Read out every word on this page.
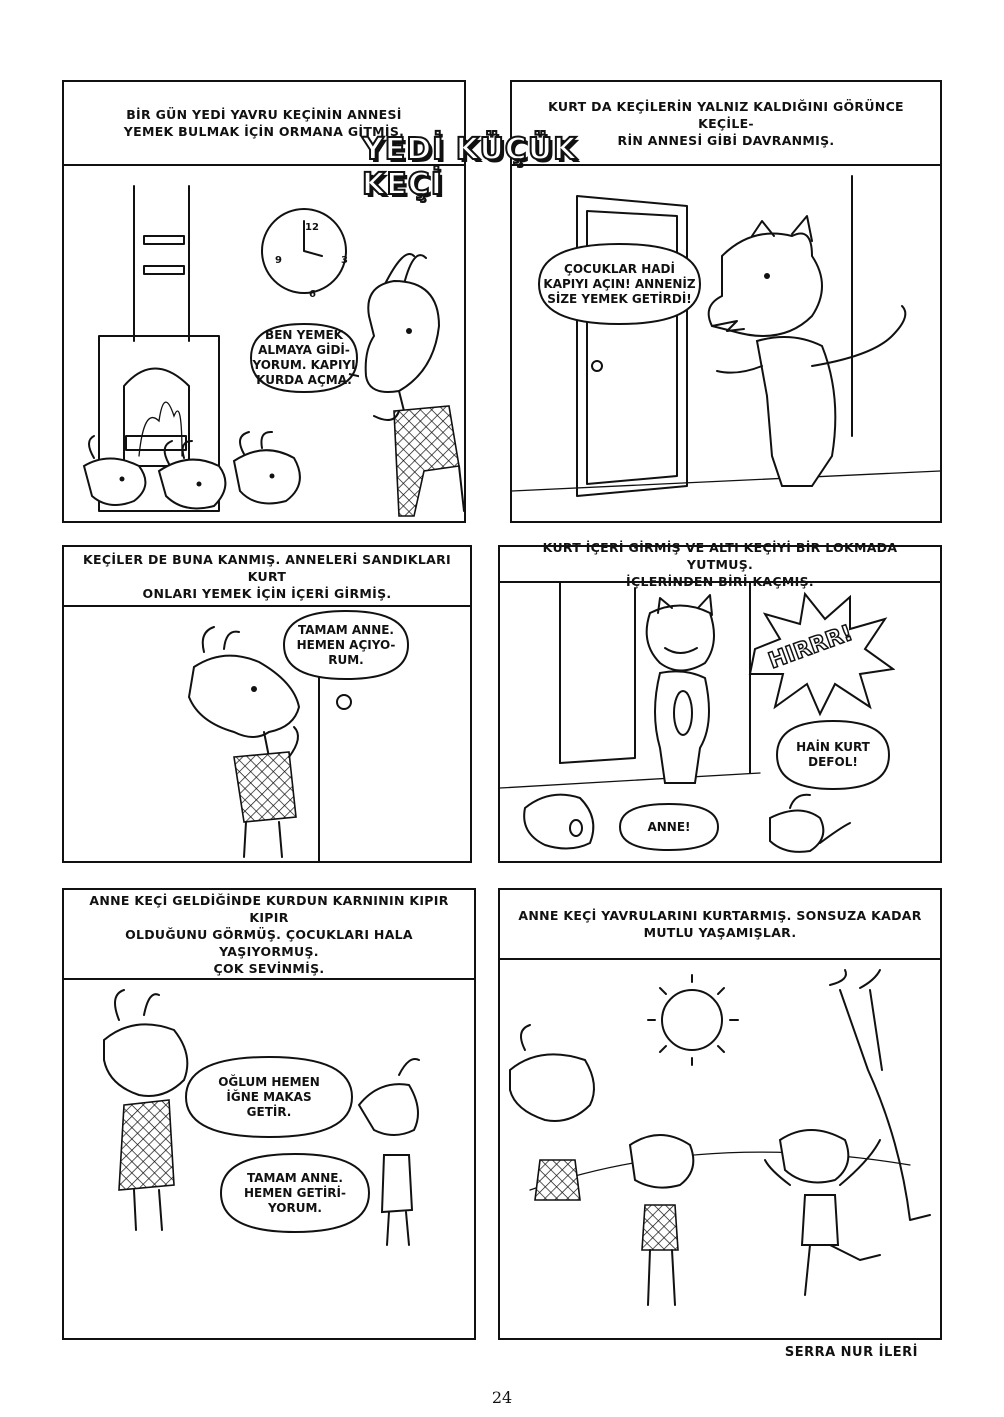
BİR GÜN YEDİ YAVRU KEÇİNİN ANNESİ
YEMEK BULMAK İÇİN ORMANA GİTMİŞ.
12
3
6
9
BEN YEMEK
ALMAYA GİDİ-
YORUM. KAPIYI
KURDA AÇMA.
KURT DA KEÇİLERİN YALNIZ KALDIĞINI GÖRÜNCE KEÇİLE-
RİN ANNESİ GİBİ DAVRANMIŞ.
ÇOCUKLAR HADİ
KAPIYI AÇIN! ANNENİZ
SİZE YEMEK GETİRDİ!
YEDİ KÜÇÜK KEÇİ
KEÇİLER DE BUNA KANMIŞ. ANNELERİ SANDIKLARI KURT
ONLARI YEMEK İÇİN İÇERİ GİRMİŞ.
TAMAM ANNE.
HEMEN AÇIYO-
RUM.
KURT İÇERİ GİRMİŞ VE ALTI KEÇİYİ BİR LOKMADA YUTMUŞ.
İÇLERİNDEN BİRİ KAÇMIŞ.
HIRRR!
HAİN KURT
DEFOL!
ANNE!
ANNE KEÇİ GELDİĞİNDE KURDUN KARNININ KIPIR KIPIR
OLDUĞUNU GÖRMÜŞ. ÇOCUKLARI HALA YAŞIYORMUŞ.
ÇOK SEVİNMİŞ.
OĞLUM HEMEN
İĞNE MAKAS
GETİR.
TAMAM ANNE.
HEMEN GETİRİ-
YORUM.
ANNE KEÇİ YAVRULARINI KURTARMIŞ. SONSUZA KADAR
MUTLU YAŞAMIŞLAR.
SERRA NUR İLERİ
24
